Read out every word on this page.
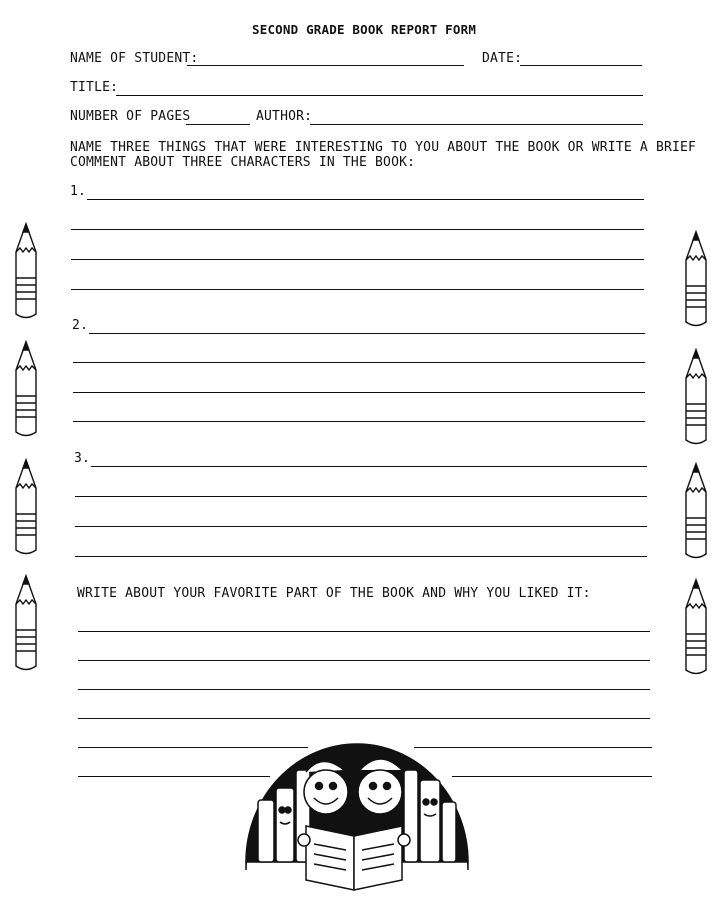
SECOND GRADE BOOK REPORT FORM
NAME OF STUDENT:	DATE:
TITLE:
NUMBER OF PAGES	AUTHOR:
NAME THREE THINGS THAT WERE INTERESTING TO YOU ABOUT THE BOOK OR WRITE A BRIEF
COMMENT ABOUT THREE CHARACTERS IN THE BOOK:
1.
2.
3.
WRITE ABOUT YOUR FAVORITE PART OF THE BOOK AND WHY YOU LIKED IT:
